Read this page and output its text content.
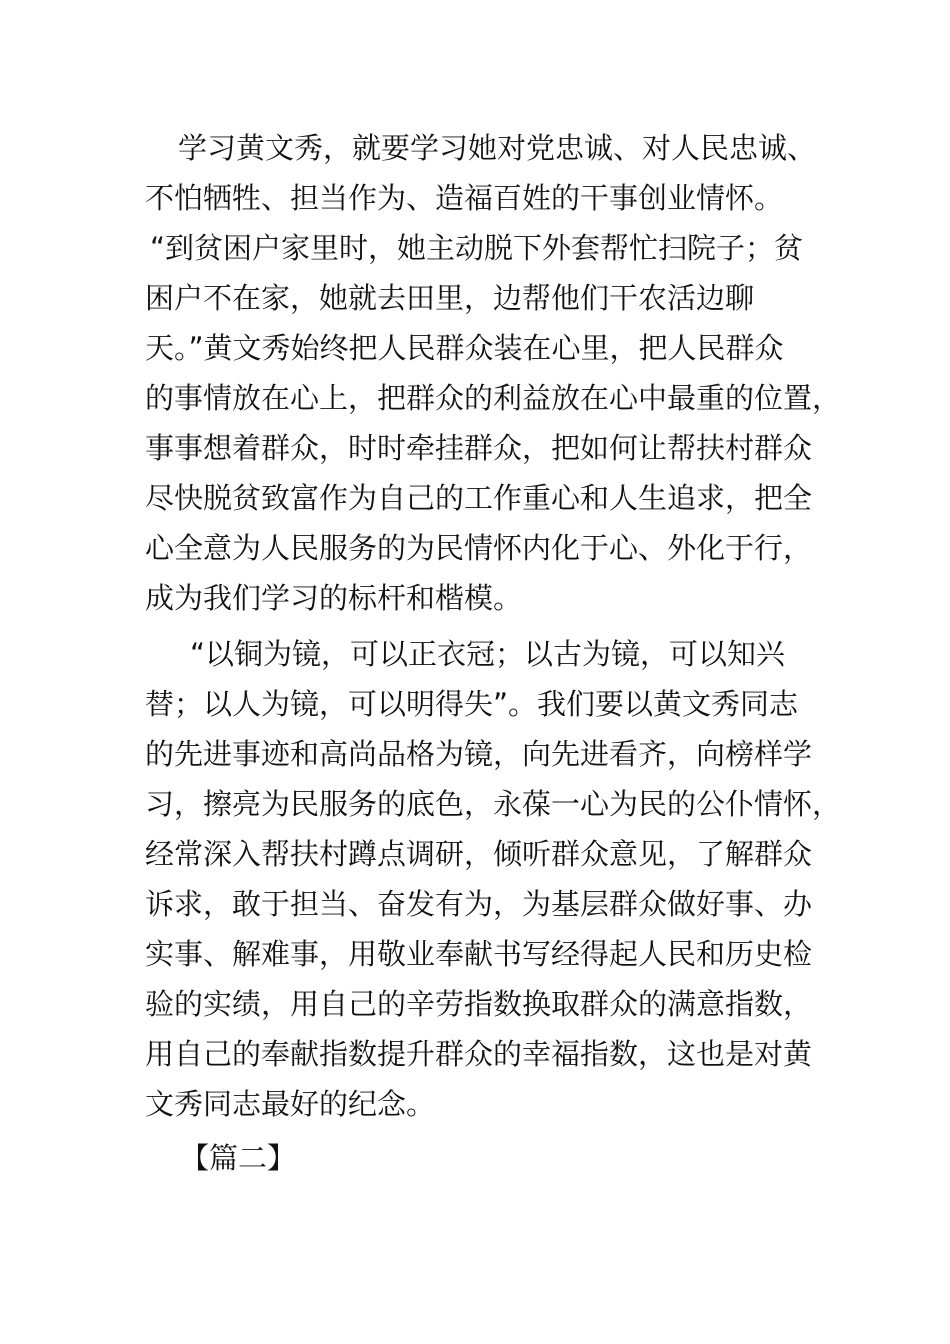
学习黄文秀，就要学习她对党忠诚、对人民忠诚、

不怕牺牲、担当作为、造福百姓的干事创业情怀。

“到贫困户家里时，她主动脱下外套帮忙扫院子；贫

困户不在家，她就去田里，边帮他们干农活边聊

天。”黄文秀始终把人民群众装在心里，把人民群众

的事情放在心上，把群众的利益放在心中最重的位置，

事事想着群众，时时牵挂群众，把如何让帮扶村群众

尽快脱贫致富作为自己的工作重心和人生追求，把全

心全意为人民服务的为民情怀内化于心、外化于行，

成为我们学习的标杆和楷模。

“以铜为镜，可以正衣冠；以古为镜，可以知兴

替；以人为镜，可以明得失”。我们要以黄文秀同志

的先进事迹和高尚品格为镜，向先进看齐，向榜样学

习，擦亮为民服务的底色，永葆一心为民的公仆情怀，

经常深入帮扶村蹲点调研，倾听群众意见，了解群众

诉求，敢于担当、奋发有为，为基层群众做好事、办

实事、解难事，用敬业奉献书写经得起人民和历史检

验的实绩，用自己的辛劳指数换取群众的满意指数，

用自己的奉献指数提升群众的幸福指数，这也是对黄

文秀同志最好的纪念。

【篇二】
